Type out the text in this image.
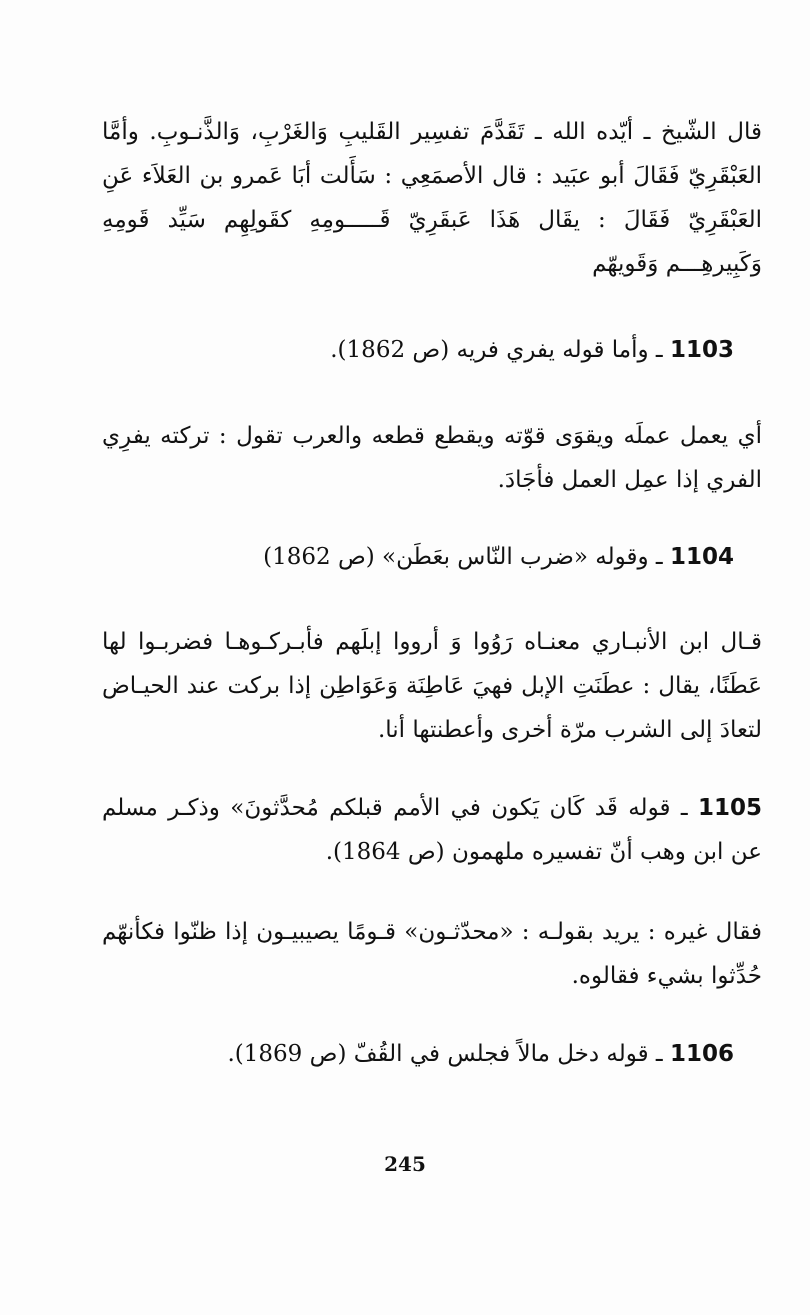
قال الشّيخ ـ أيّده الله ـ تَقَدَّمَ تفسِير القَليبِ وَالغَرْبِ، وَالذَّنـوبِ. وأمَّا العَبْقَرِيّ فَقَالَ أبو عبَيد : قال الأصمَعِي : سَأَلت أبَا عَمرو بن العَلاَء عَنِ العَبْقَرِيّ فَقَالَ : يقَال هَذَا عَبقَرِيّ قَـــــومِهِ كقَولِهِم سَيِّد قَومِهِ وَكَبِيرهِـــم وَقَويهّم

1103 ـ وأما قوله يفري فريه (ص 1862).

أي يعمل عملَه ويقوَى قوّته ويقطع قطعه والعرب تقول : تركته يفرِي الفري إذا عمِل العمل فأجَادَ.

1104 ـ وقوله «ضرب النّاس بعَطَن» (ص 1862)

قـال ابن الأنبـاري معنـاه رَوُوا وَ أرووا إبلَهم فأبـركـوهـا فضربـوا لها عَطَنًا، يقال : عطَنَتِ الإبل فهيَ عَاطِنَة وَعَوَاطِن إذا بركت عند الحيـاض لتعادَ إلى الشرب مرّة أخرى وأعطنتها أنا.

1105 ـ قوله قَد كَان يَكون في الأمم قبلكم مُحدَّثونَ» وذكـر مسلم عن ابن وهب أنّ تفسيره ملهمون (ص 1864).

فقال غيره : يريد بقولـه : «محدّثـون» قـومًا يصيبيـون إذا ظنّوا فكأنهّم حُدِّثوا بشيء فقالوه.

1106 ـ قوله دخل مالاً فجلس في القُفّ (ص 1869).

245
